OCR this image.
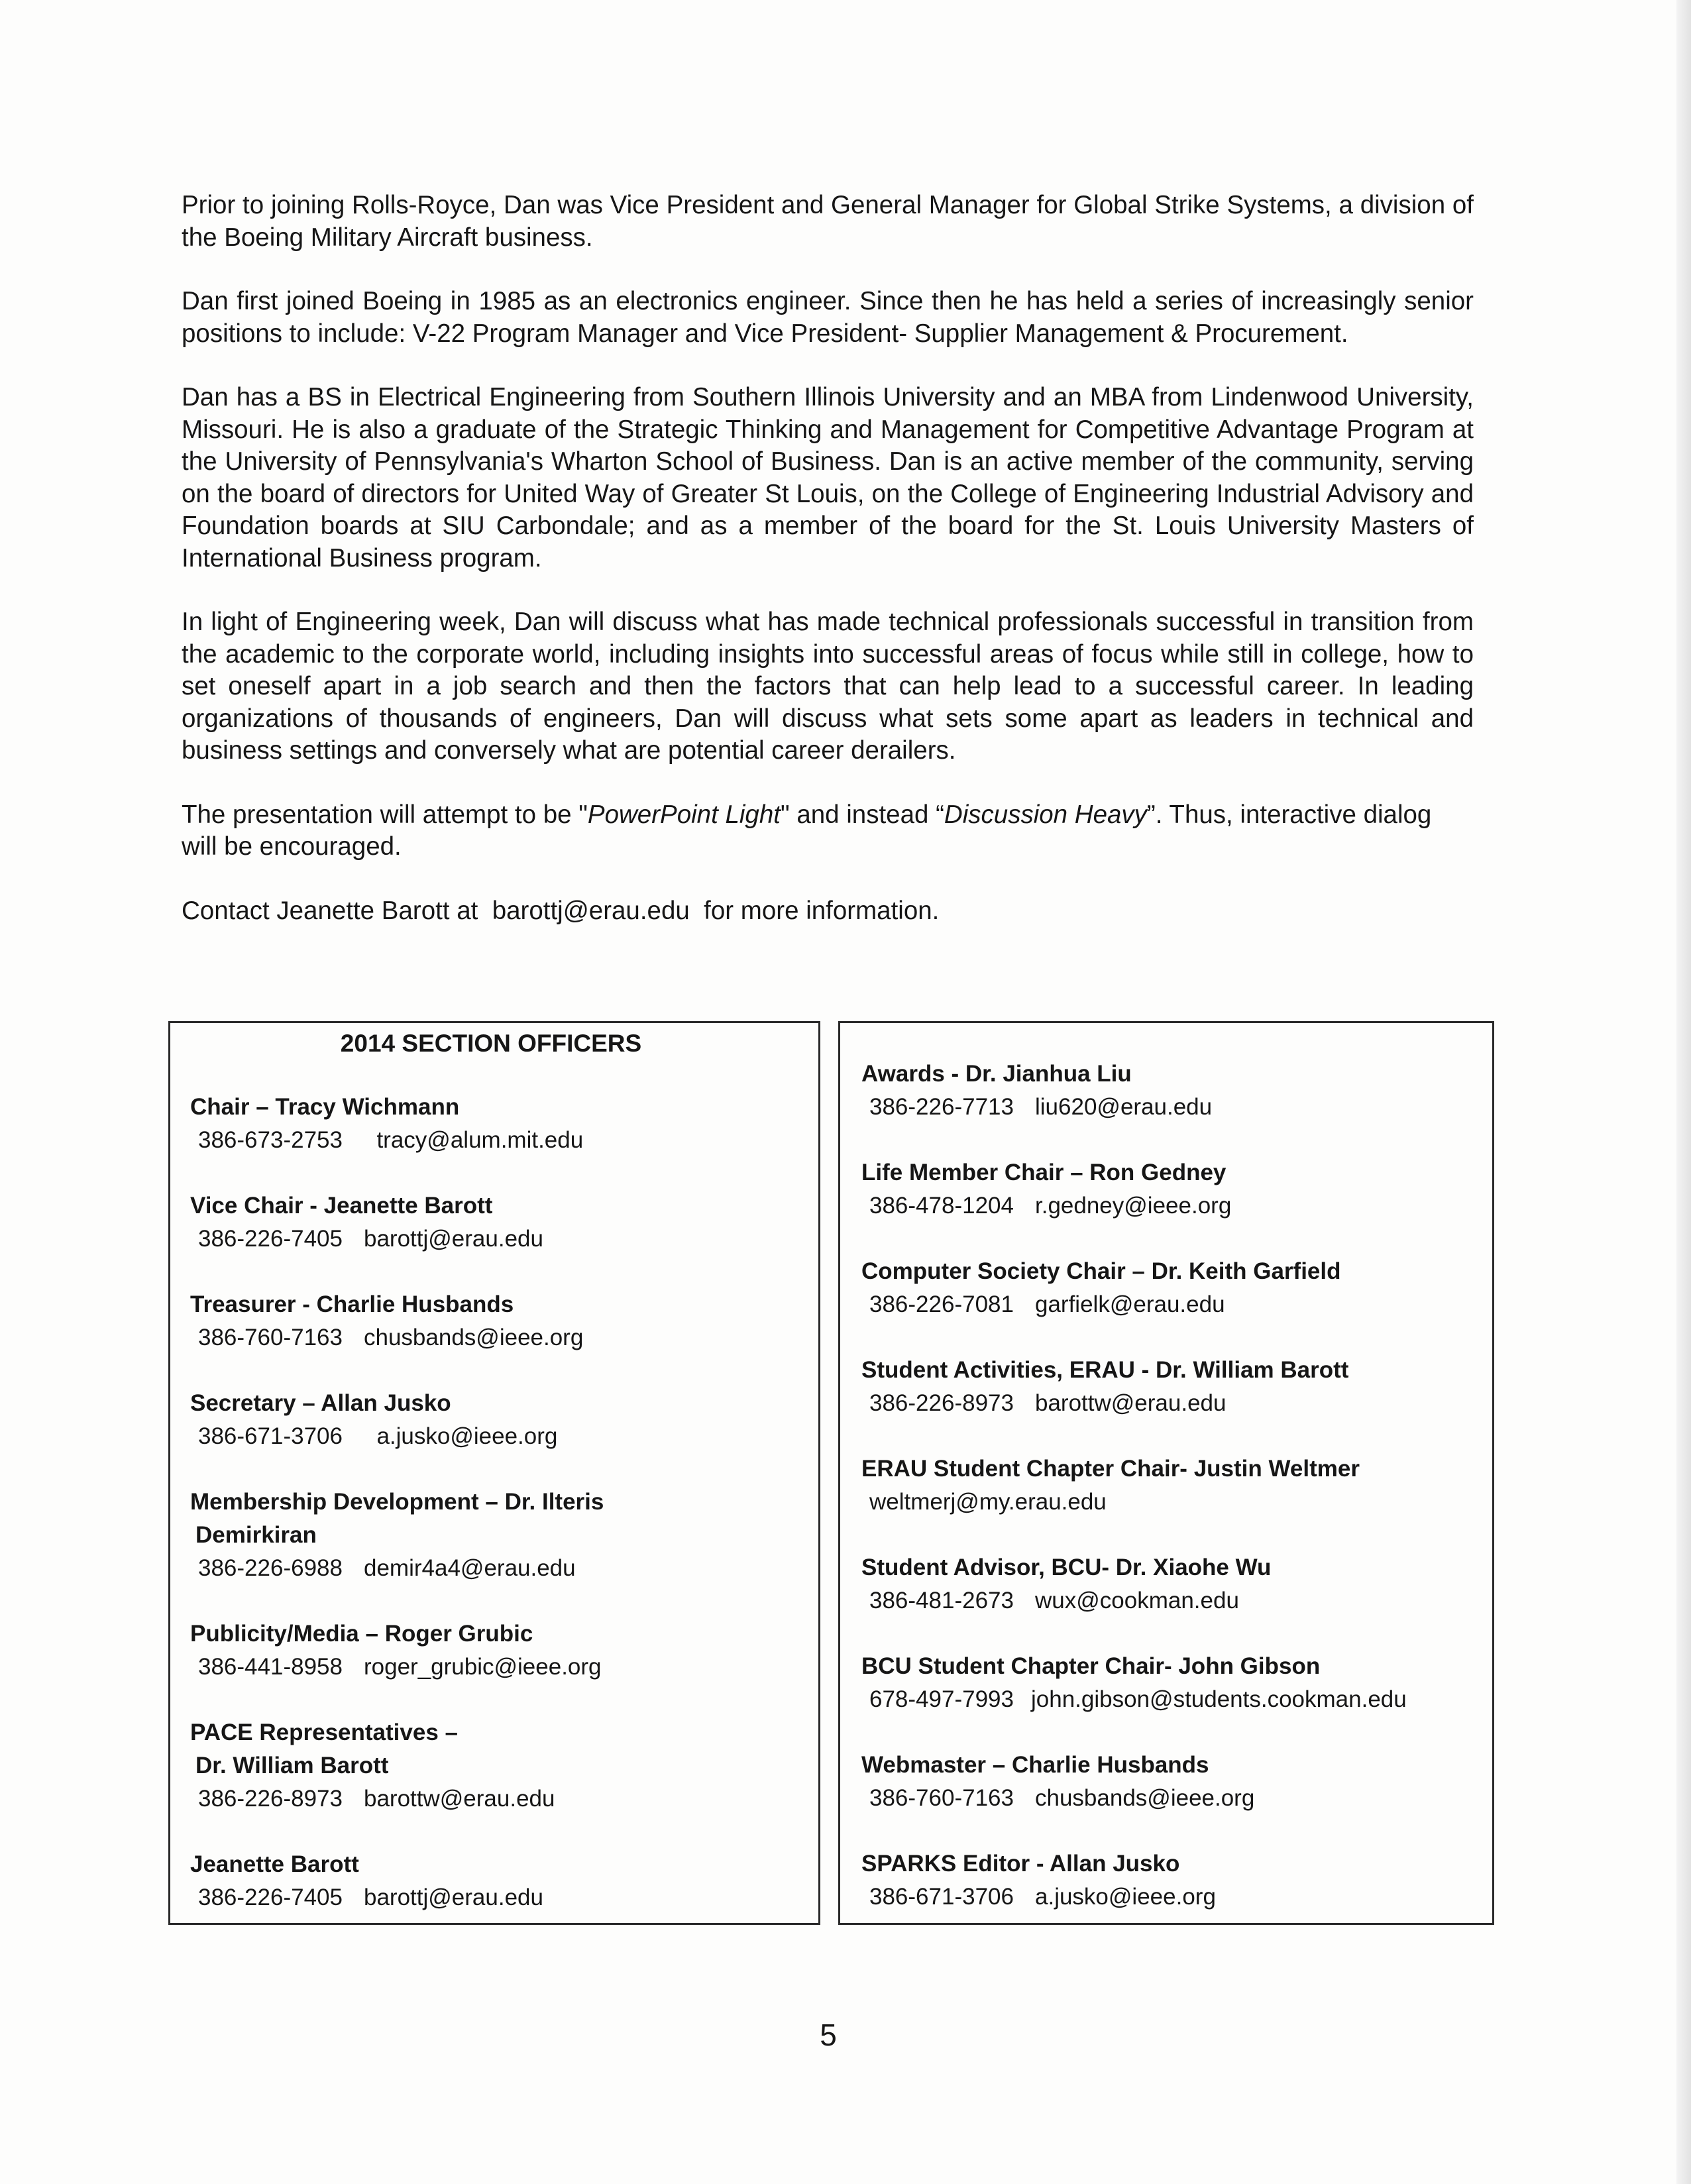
Prior to joining Rolls-Royce, Dan was Vice President and General Manager for Global Strike Systems, a division of the Boeing Military Aircraft business.

Dan first joined Boeing in 1985 as an electronics engineer. Since then he has held a series of increasingly senior positions to include: V-22 Program Manager and Vice President- Supplier Management & Procurement.

Dan has a BS in Electrical Engineering from Southern Illinois University and an MBA from Lindenwood University, Missouri. He is also a graduate of the Strategic Thinking and Management for Competitive Advantage Program at the University of Pennsylvania's Wharton School of Business. Dan is an active member of the community, serving on the board of directors for United Way of Greater St Louis, on the College of Engineering Industrial Advisory and Foundation boards at SIU Carbondale; and as a member of the board for the St. Louis University Masters of International Business program.

In light of Engineering week, Dan will discuss what has made technical professionals successful in transition from the academic to the corporate world, including insights into successful areas of focus while still in college, how to set oneself apart in a job search and then the factors that can help lead to a successful career. In leading organizations of thousands of engineers, Dan will discuss what sets some apart as leaders in technical and business settings and conversely what are potential career derailers.

The presentation will attempt to be "PowerPoint Light" and instead “Discussion Heavy”. Thus, interactive dialog will be encouraged.

Contact Jeanette Barott at  barottj@erau.edu  for more information.

2014 SECTION OFFICERS
Chair – Tracy Wichmann
386-673-2753 tracy@alum.mit.edu
Vice Chair - Jeanette Barott
386-226-7405 barottj@erau.edu
Treasurer - Charlie Husbands
386-760-7163 chusbands@ieee.org
Secretary – Allan Jusko
386-671-3706 a.jusko@ieee.org
Membership Development – Dr. Ilteris
Demirkiran
386-226-6988 demir4a4@erau.edu
Publicity/Media – Roger Grubic
386-441-8958 roger_grubic@ieee.org
PACE Representatives –
Dr. William Barott
386-226-8973 barottw@erau.edu
Jeanette Barott
386-226-7405 barottj@erau.edu
Awards - Dr. Jianhua Liu
386-226-7713 liu620@erau.edu
Life Member Chair – Ron Gedney
386-478-1204 r.gedney@ieee.org
Computer Society Chair – Dr. Keith Garfield
386-226-7081 garfielk@erau.edu
Student Activities, ERAU - Dr. William Barott
386-226-8973 barottw@erau.edu
ERAU Student Chapter Chair- Justin Weltmer
weltmerj@my.erau.edu
Student Advisor, BCU- Dr. Xiaohe Wu
386-481-2673 wux@cookman.edu
BCU Student Chapter Chair- John Gibson
678-497-7993 john.gibson@students.cookman.edu
Webmaster – Charlie Husbands
386-760-7163 chusbands@ieee.org
SPARKS Editor - Allan Jusko
386-671-3706 a.jusko@ieee.org
5
